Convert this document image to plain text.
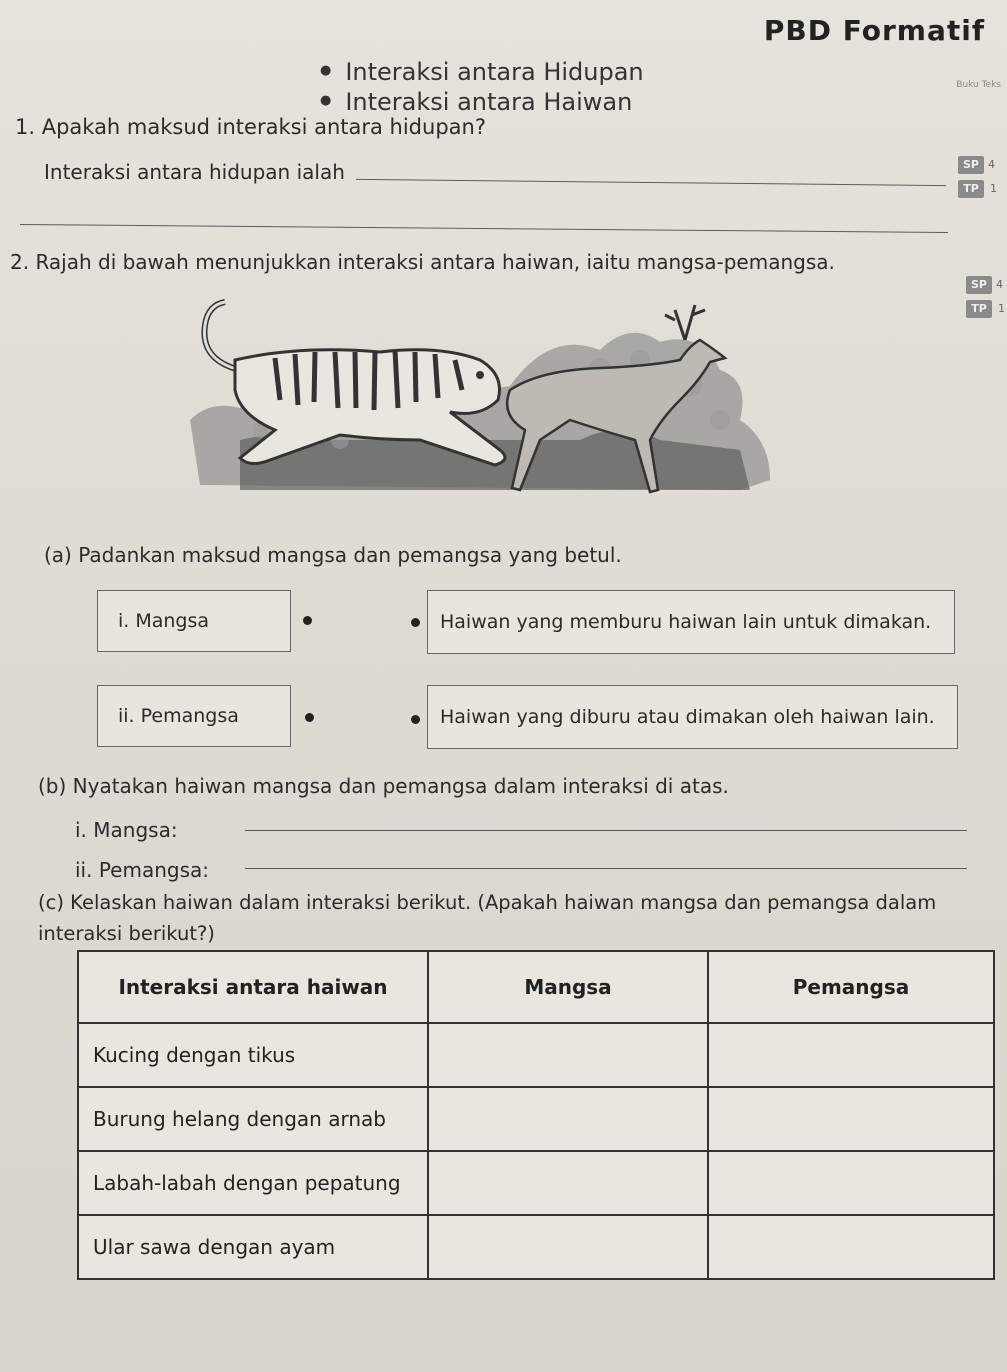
PBD Formatif
Buku Teks
● Interaksi antara Hidupan
● Interaksi antara Haiwan
1. Apakah maksud interaksi antara hidupan?
Interaksi antara hidupan ialah	SP 4
TP	1
2. Rajah di bawah menunjukkan interaksi antara haiwan, iaitu mangsa-pemangsa.
SP 4
TP	1
(a) Padankan maksud mangsa dan pemangsa yang betul.
i. Mangsa	Haiwan yang memburu haiwan lain untuk dimakan.
ii. Pemangsa	Haiwan yang diburu atau dimakan oleh haiwan lain.
(b) Nyatakan haiwan mangsa dan pemangsa dalam interaksi di atas.
i. Mangsa:
ii. Pemangsa:
(c) Kelaskan haiwan dalam interaksi berikut. (Apakah haiwan mangsa dan pemangsa dalam interaksi berikut?)
Interaksi antara haiwan	Mangsa	Pemangsa
Kucing dengan tikus		
Burung helang dengan arnab		
Labah-labah dengan pepatung		
Ular sawa dengan ayam		
